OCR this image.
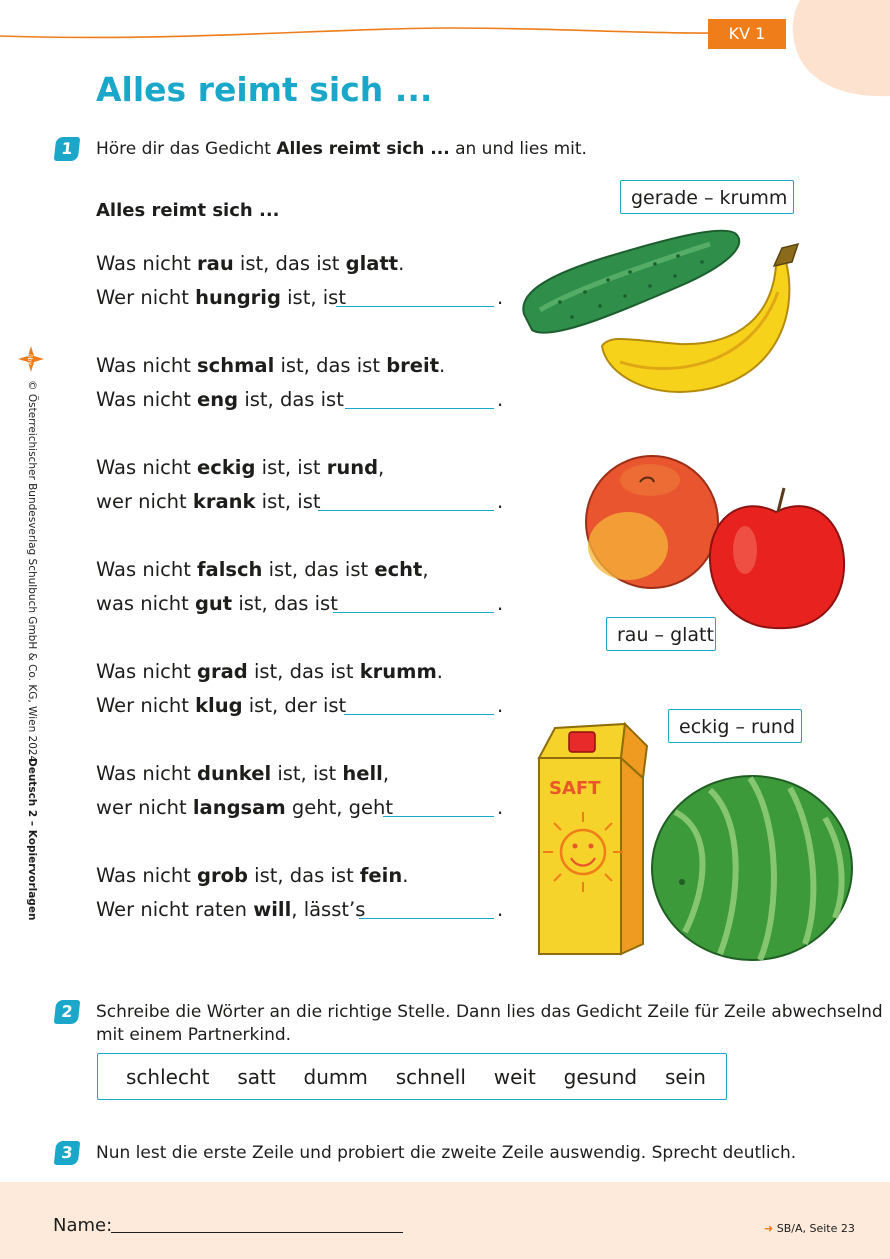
KV 1
Alles reimt sich ...
1	Höre dir das Gedicht Alles reimt sich ... an und lies mit.
Alles reimt sich ...
Was nicht rau ist, das ist glatt.
Wer nicht hungrig ist, ist	.
Was nicht schmal ist, das ist breit.
Was nicht eng ist, das ist	.
Was nicht eckig ist, ist rund,
wer nicht krank ist, ist	.
Was nicht falsch ist, das ist echt,
was nicht gut ist, das ist	.
Was nicht grad ist, das ist krumm.
Wer nicht klug ist, der ist	.
Was nicht dunkel ist, ist hell,
wer nicht langsam geht, geht	.
Was nicht grob ist, das ist fein.
Wer nicht raten will, lässt’s	.
gerade – krumm
rau – glatt
SAFT
eckig – rund
2	Schreibe die Wörter an die richtige Stelle. Dann lies das Gedicht Zeile für Zeile abwechselnd
mit einem Partnerkind.
schlecht satt dumm schnell weit gesund sein
3	Nun lest die erste Zeile und probiert die zweite Zeile auswendig. Sprecht deutlich.
öbv
© Österreichischer Bundesverlag Schulbuch GmbH & Co. KG, Wien 2024
Deutsch 2 – Kopiervorlagen
Name:	➜ SB/A, Seite 23
